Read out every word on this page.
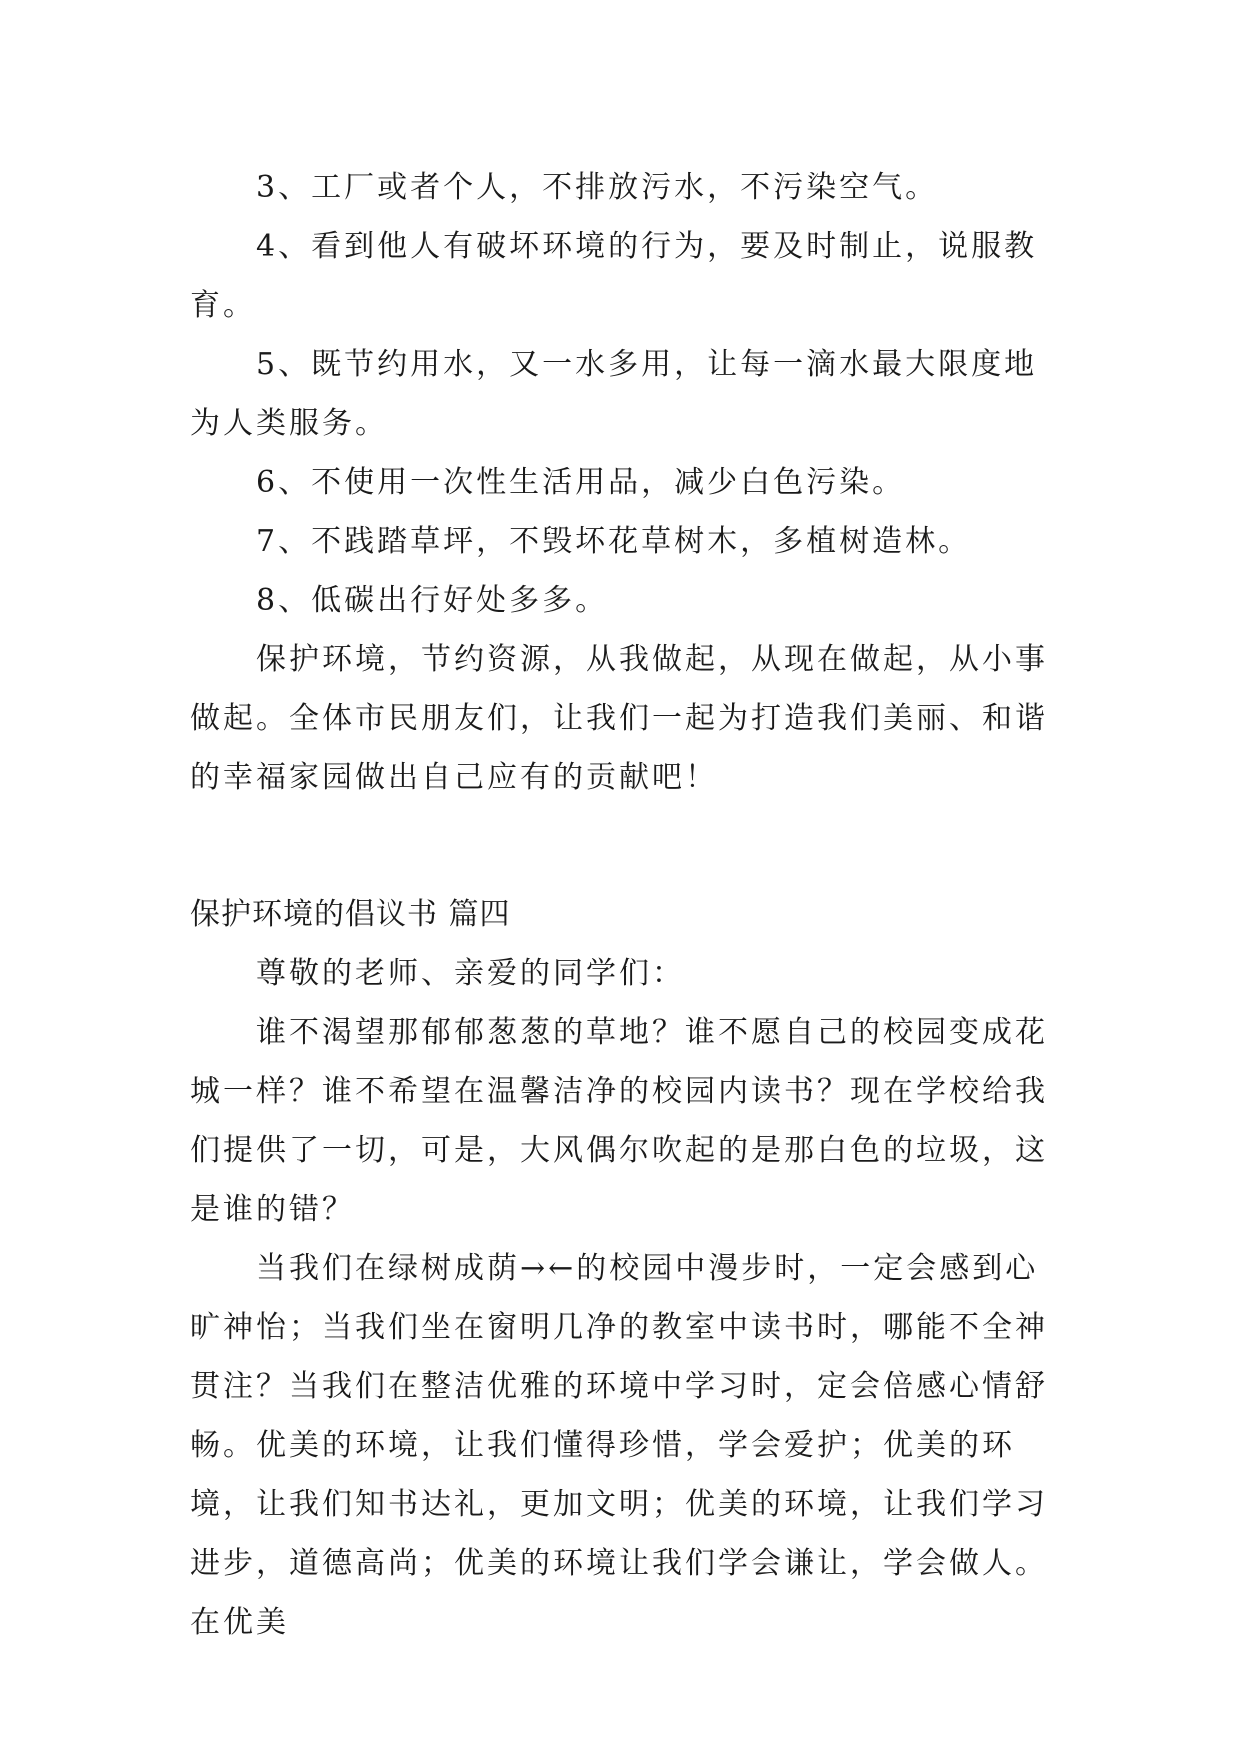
3、工厂或者个人，不排放污水，不污染空气。

4、看到他人有破坏环境的行为，要及时制止，说服教育。

5、既节约用水，又一水多用，让每一滴水最大限度地为人类服务。

6、不使用一次性生活用品，减少白色污染。

7、不践踏草坪，不毁坏花草树木，多植树造林。

8、低碳出行好处多多。

保护环境，节约资源，从我做起，从现在做起，从小事做起。全体市民朋友们，让我们一起为打造我们美丽、和谐的幸福家园做出自己应有的贡献吧！

保护环境的倡议书 篇四

尊敬的老师、亲爱的同学们：

谁不渴望那郁郁葱葱的草地？谁不愿自己的校园变成花城一样？谁不希望在温馨洁净的校园内读书？现在学校给我们提供了一切，可是，大风偶尔吹起的是那白色的垃圾，这是谁的错？

当我们在绿树成荫→←的校园中漫步时，一定会感到心旷神怡；当我们坐在窗明几净的教室中读书时，哪能不全神贯注？当我们在整洁优雅的环境中学习时，定会倍感心情舒畅。优美的环境，让我们懂得珍惜，学会爱护；优美的环境，让我们知书达礼，更加文明；优美的环境，让我们学习进步，道德高尚；优美的环境让我们学会谦让，学会做人。在优美
